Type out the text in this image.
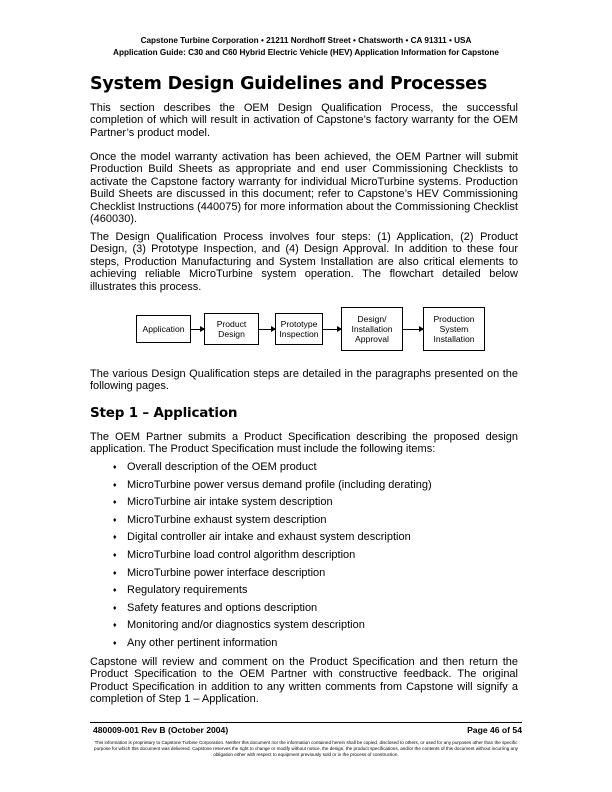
Capstone Turbine Corporation • 21211 Nordhoff Street • Chatsworth • CA 91311 • USA
Application Guide: C30 and C60 Hybrid Electric Vehicle (HEV) Application Information for Capstone
System Design Guidelines and Processes

This section describes the OEM Design Qualification Process, the successful completion of which will result in activation of Capstone’s factory warranty for the OEM Partner’s product model.

Once the model warranty activation has been achieved, the OEM Partner will submit Production Build Sheets as appropriate and end user Commissioning Checklists to activate the Capstone factory warranty for individual MicroTurbine systems. Production Build Sheets are discussed in this document; refer to Capstone’s HEV Commissioning Checklist Instructions (440075) for more information about the Commissioning Checklist (460030).

The Design Qualification Process involves four steps: (1) Application, (2) Product Design, (3) Prototype Inspection, and (4) Design Approval. In addition to these four steps, Production Manufacturing and System Installation are also critical elements to achieving reliable MicroTurbine system operation. The flowchart detailed below illustrates this process.

Application	Product
Design
Prototype
Inspection
Design/
Installation
Approval
Production
System
Installation

The various Design Qualification steps are detailed in the paragraphs presented on the following pages.

Step 1 – Application

The OEM Partner submits a Product Specification describing the proposed design application. The Product Specification must include the following items:

♦ Overall description of the OEM product
♦ MicroTurbine power versus demand profile (including derating)
♦ MicroTurbine air intake system description
♦ MicroTurbine exhaust system description
♦ Digital controller air intake and exhaust system description
♦ MicroTurbine load control algorithm description
♦ MicroTurbine power interface description
♦ Regulatory requirements
♦ Safety features and options description
♦ Monitoring and/or diagnostics system description
♦ Any other pertinent information

Capstone will review and comment on the Product Specification and then return the Product Specification to the OEM Partner with constructive feedback. The original Product Specification in addition to any written comments from Capstone will signify a completion of Step 1 – Application.

480009-001 Rev B (October 2004)	Page 46 of 54
This information is proprietary to Capstone Turbine Corporation. Neither this document nor the information contained herein shall be copied, disclosed to others, or used for any purposes other than the specific purpose for which this document was delivered. Capstone reserves the right to change or modify without notice, the design, the product specifications, and/or the contents of this document without incurring any obligation either with respect to equipment previously sold or in the process of construction.
